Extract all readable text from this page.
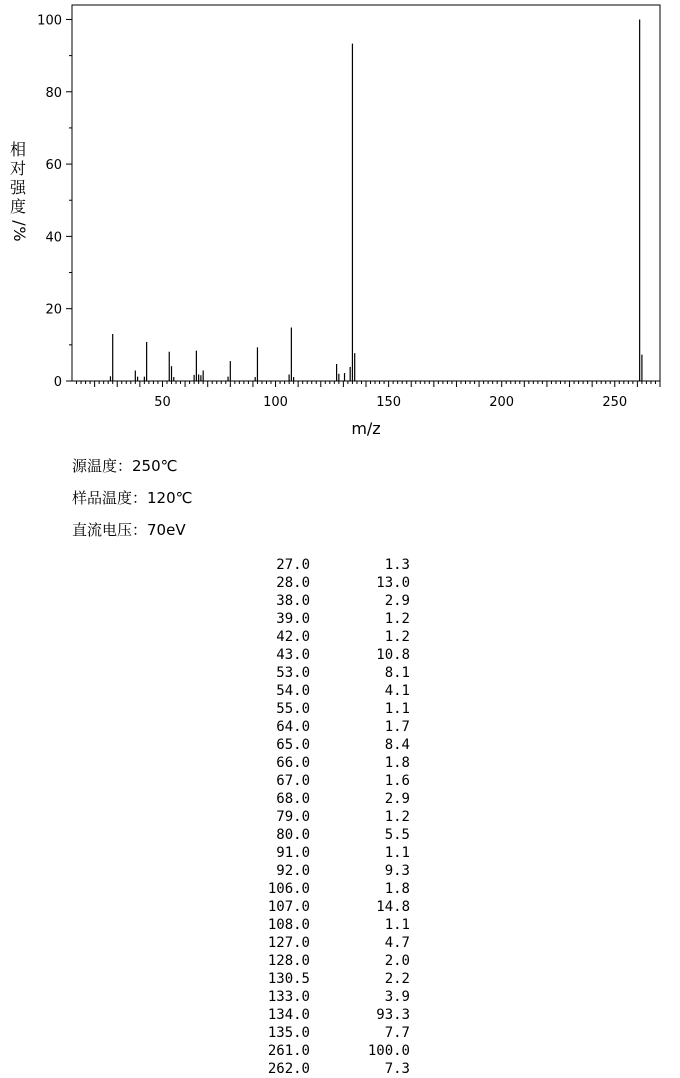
50	100	150	200	250
0
20
40
60
80
100
m/z
相
对
强
度
/
%
源温度：250℃
样品温度：120℃
直流电压：70eV
27.0	1.3
28.0	13.0
38.0	2.9
39.0	1.2
42.0	1.2
43.0	10.8
53.0	8.1
54.0	4.1
55.0	1.1
64.0	1.7
65.0	8.4
66.0	1.8
67.0	1.6
68.0	2.9
79.0	1.2
80.0	5.5
91.0	1.1
92.0	9.3
106.0	1.8
107.0	14.8
108.0	1.1
127.0	4.7
128.0	2.0
130.5	2.2
133.0	3.9
134.0	93.3
135.0	7.7
261.0	100.0
262.0	7.3
